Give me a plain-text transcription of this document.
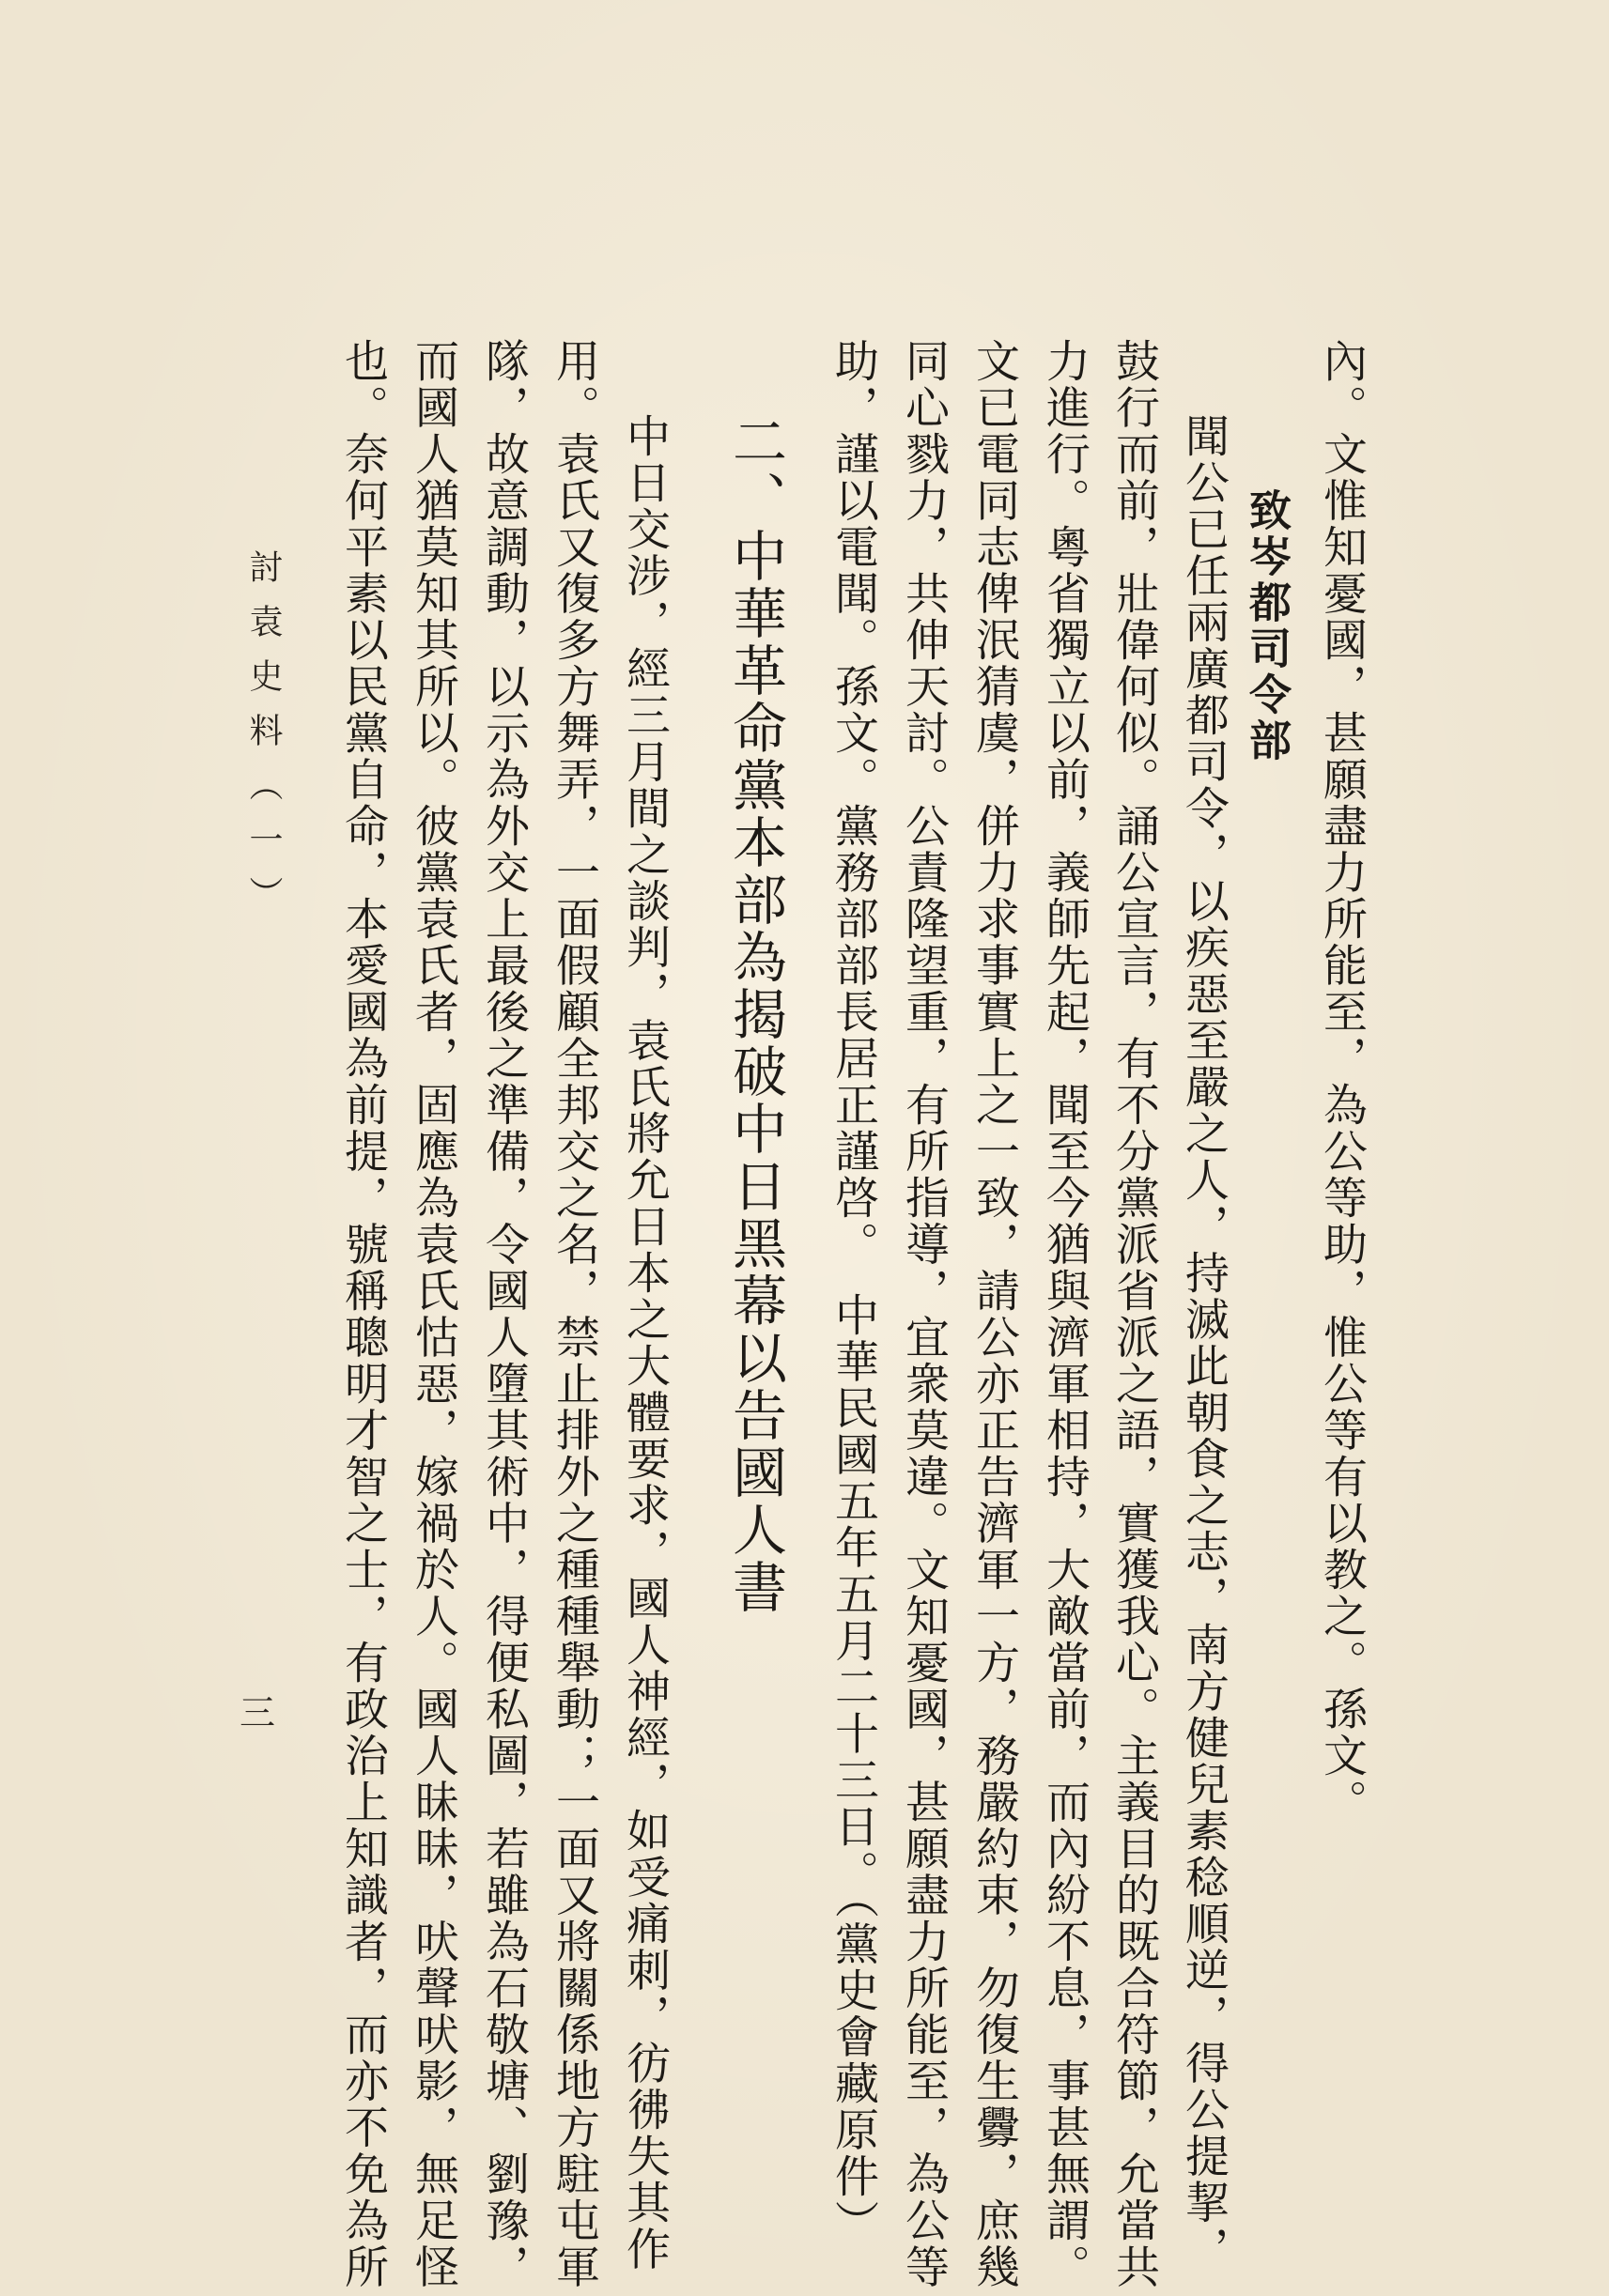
內。文惟知憂國，甚願盡力所能至，為公等助，惟公等有以教之。孫文。
致岑都司令部
聞公已任兩廣都司令，以疾惡至嚴之人，持滅此朝食之志，南方健兒素稔順逆，得公提挈，
鼓行而前，壯偉何似。誦公宣言，有不分黨派省派之語，實獲我心。主義目的既合符節，允當共
力進行。粵省獨立以前，義師先起，聞至今猶與濟軍相持，大敵當前，而內紛不息，事甚無謂。
文已電同志俾泯猜虞，併力求事實上之一致，請公亦正告濟軍一方，務嚴約束，勿復生釁，庶幾
同心戮力，共伸天討。公責隆望重，有所指導，宜衆莫違。文知憂國，甚願盡力所能至，為公等
助，謹以電聞。孫文。黨務部部長居正謹啓。　中華民國五年五月二十三日。（黨史會藏原件）
二、中華革命黨本部為揭破中日黑幕以告國人書
中日交涉，經三月間之談判，袁氏將允日本之大體要求，國人神經，如受痛刺，彷彿失其作
用。袁氏又復多方舞弄，一面假顧全邦交之名，禁止排外之種種舉動；一面又將關係地方駐屯軍
隊，故意調動，以示為外交上最後之準備，令國人墮其術中，得便私圖，若雖為石敬塘、劉豫，
而國人猶莫知其所以。彼黨袁氏者，固應為袁氏怙惡，嫁禍於人。國人昧昧，吠聲吠影，無足怪
也。奈何平素以民黨自命，本愛國為前提，號稱聰明才智之士，有政治上知識者，而亦不免為所
討袁史料（一）
三
